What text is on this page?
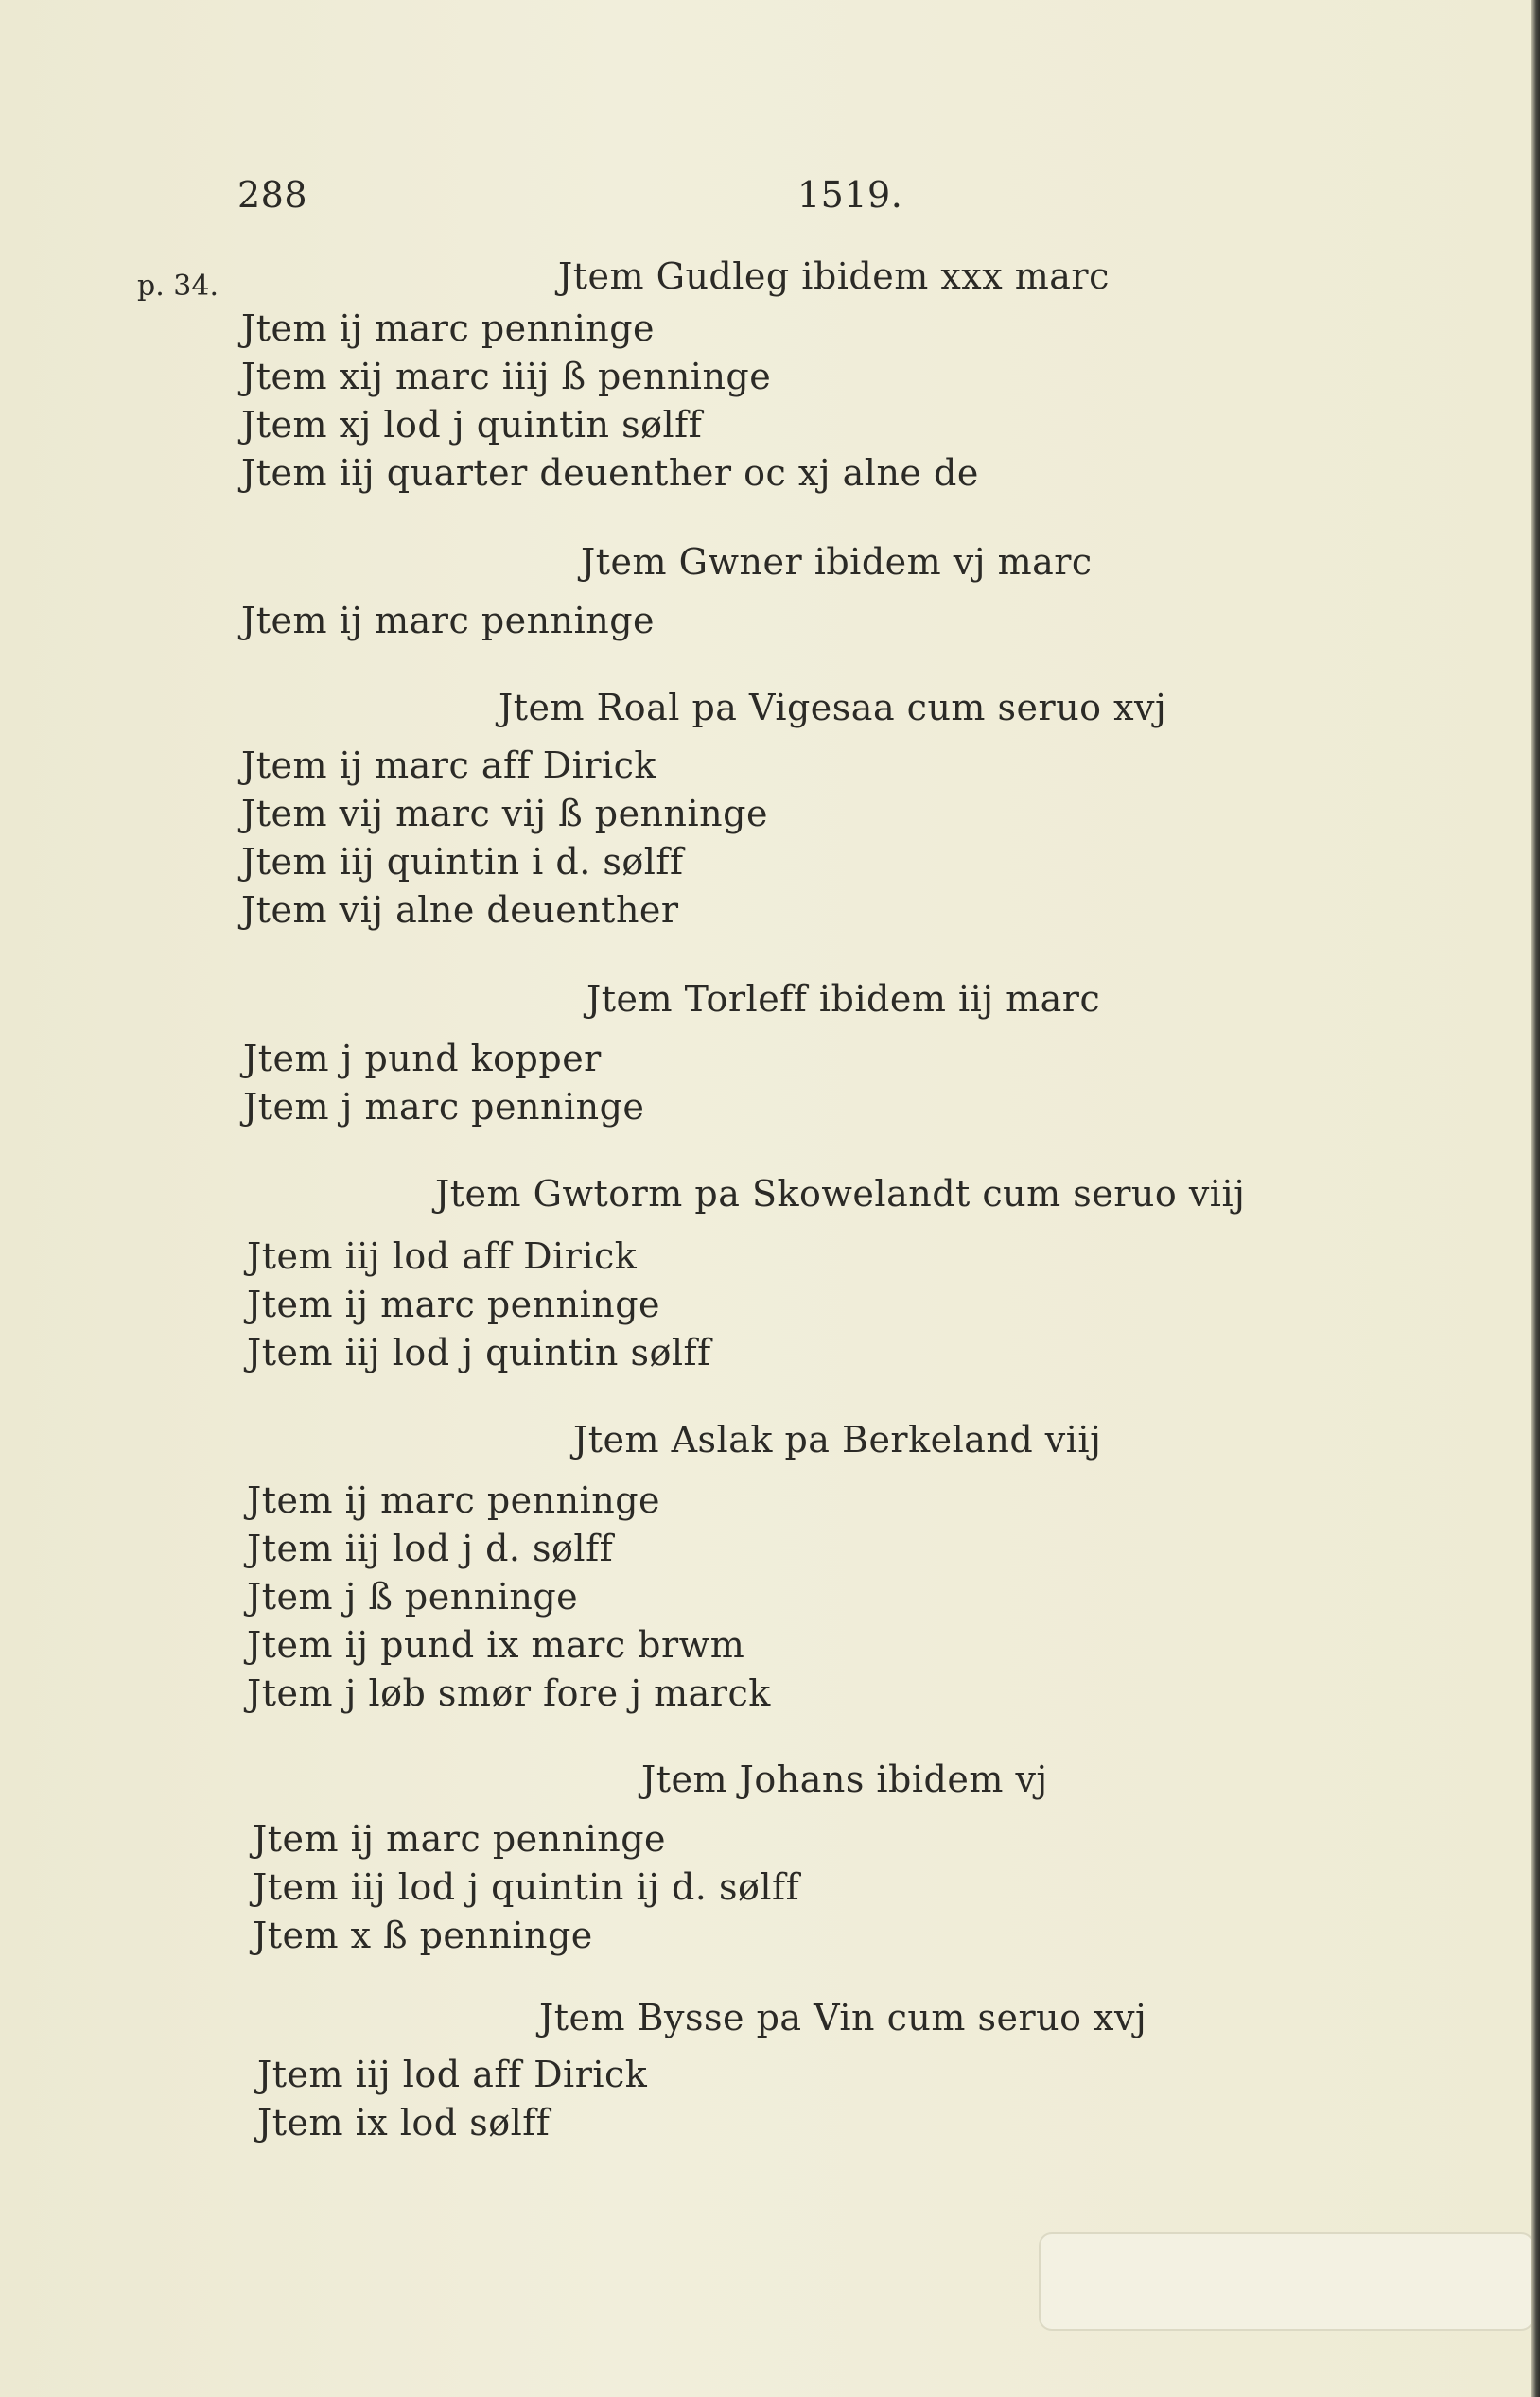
288	1519.
p. 34.	Jtem Gudleg ibidem xxx marc
Jtem ij marc penninge
Jtem xij marc iiij ß penninge
Jtem xj lod j quintin sølff
Jtem iij quarter deuenther oc xj alne de
Jtem Gwner ibidem vj marc
Jtem ij marc penninge
Jtem Roal pa Vigesaa cum seruo xvj
Jtem ij marc aff Dirick
Jtem vij marc vij ß penninge
Jtem iij quintin i d. sølff
Jtem vij alne deuenther
Jtem Torleff ibidem iij marc
Jtem j pund kopper
Jtem j marc penninge
Jtem Gwtorm pa Skowelandt cum seruo viij
Jtem iij lod aff Dirick
Jtem ij marc penninge
Jtem iij lod j quintin sølff
Jtem Aslak pa Berkeland viij
Jtem ij marc penninge
Jtem iij lod j d. sølff
Jtem j ß penninge
Jtem ij pund ix marc brwm
Jtem j løb smør fore j marck
Jtem Johans ibidem vj
Jtem ij marc penninge
Jtem iij lod j quintin ij d. sølff
Jtem x ß penninge
Jtem Bysse pa Vin cum seruo xvj
Jtem iij lod aff Dirick
Jtem ix lod sølff
